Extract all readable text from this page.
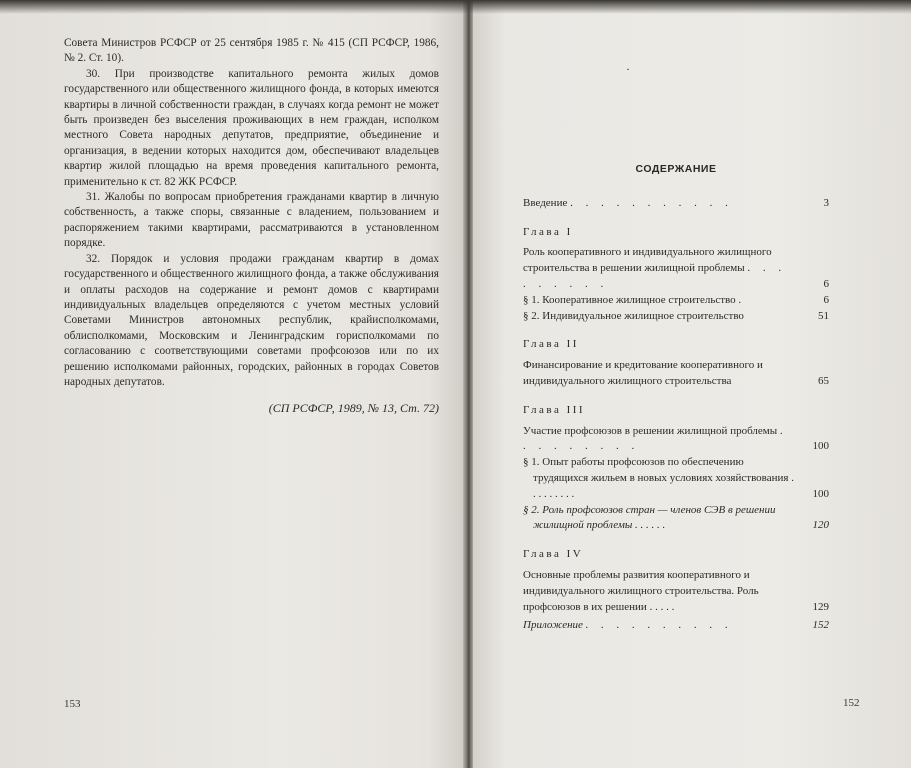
Совета Министров РСФСР от 25 сентября 1985 г. № 415 (СП РСФСР, 1986, № 2. Ст. 10).

30. При производстве капитального ремонта жилых домов государственного или общественного жилищного фонда, в которых имеются квартиры в личной собственности граждан, в случаях когда ремонт не может быть произведен без выселения проживающих в нем граждан, исполком местного Совета народных депутатов, предприятие, объединение и организация, в ведении которых находится дом, обеспечивают владельцев квартир жилой площадью на время проведения капитального ремонта, применительно к ст. 82 ЖК РСФСР.

31. Жалобы по вопросам приобретения гражданами квартир в личную собственность, а также споры, связанные с владением, пользованием и распоряжением такими квартирами, рассматриваются в установленном порядке.

32. Порядок и условия продажи гражданам квартир в домах государственного и общественного жилищного фонда, а также обслуживания и оплаты расходов на содержание и ремонт домов с квартирами индивидуальных владельцев определяются с учетом местных условий Советами Министров автономных республик, крайисполкомами, облисполкомами, Московским и Ленинградским горисполкомами по согласованию с соответствующими советами профсоюзов или по их решению исполкомами районных, городских, районных в городах Советов народных депутатов.

(СП РСФСР, 1989, № 13, Ст. 72)

153
·
152
СОДЕРЖАНИЕ
Введение . . . . . . . . . . .	3
Глава I
Роль кооперативного и индивидуального жилищного строительства в решении жилищной проблемы . . . . . . . . .	6
§ 1. Кооперативное жилищное строительство .	6
§ 2. Индивидуальное жилищное строительство	51
Глава II
Финансирование и кредитование кооперативного и индивидуального жилищного строительства	65
Глава III
Участие профсоюзов в решении жилищной проблемы . . . . . . . . .	100
§ 1. Опыт работы профсоюзов по обеспечению трудящихся жильем в новых условиях хозяйствования . . . . . . . . .	100
§ 2. Роль профсоюзов стран — членов СЭВ в решении жилищной проблемы . . . . . .	120
Глава IV
Основные проблемы развития кооперативного и индивидуального жилищного строительства. Роль профсоюзов в их решении . . . . .	129
Приложение . . . . . . . . . .	152
